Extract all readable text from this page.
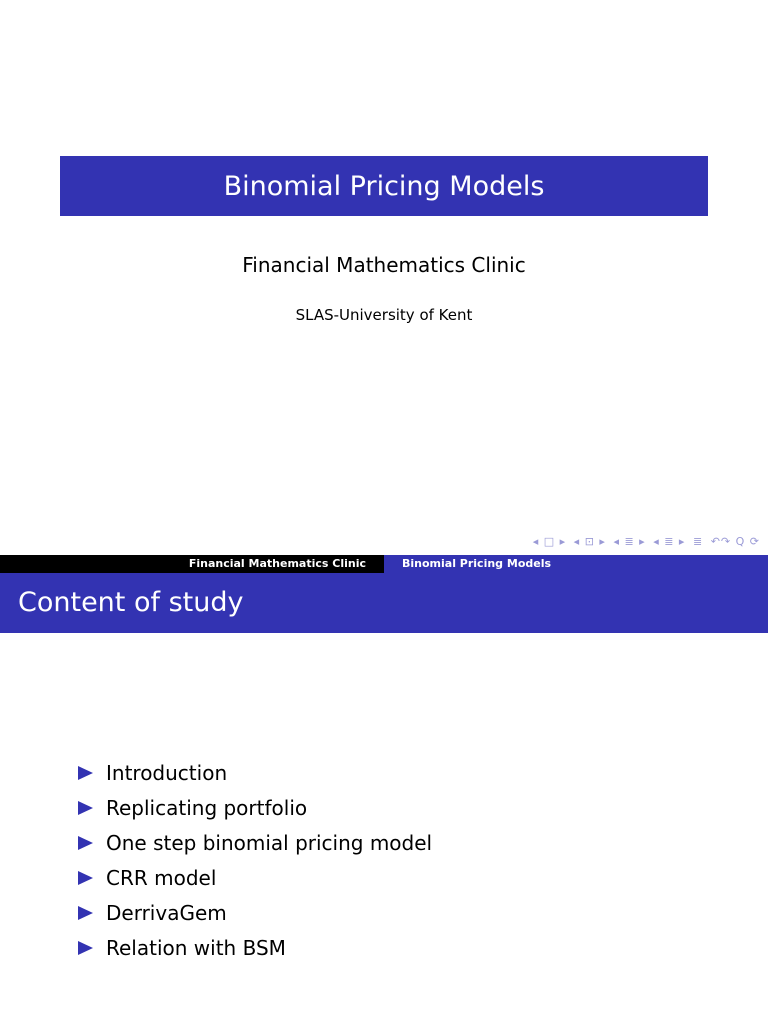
Binomial Pricing Models
Financial Mathematics Clinic
SLAS-University of Kent
◂ □ ▸ ◂ ⊡ ▸ ◂ ≣ ▸ ◂ ≣ ▸ ≣ ↶↷ Q ⟳
Financial Mathematics Clinic	Binomial Pricing Models
Content of study
Introduction
Replicating portfolio
One step binomial pricing model
CRR model
DerrivaGem
Relation with BSM
